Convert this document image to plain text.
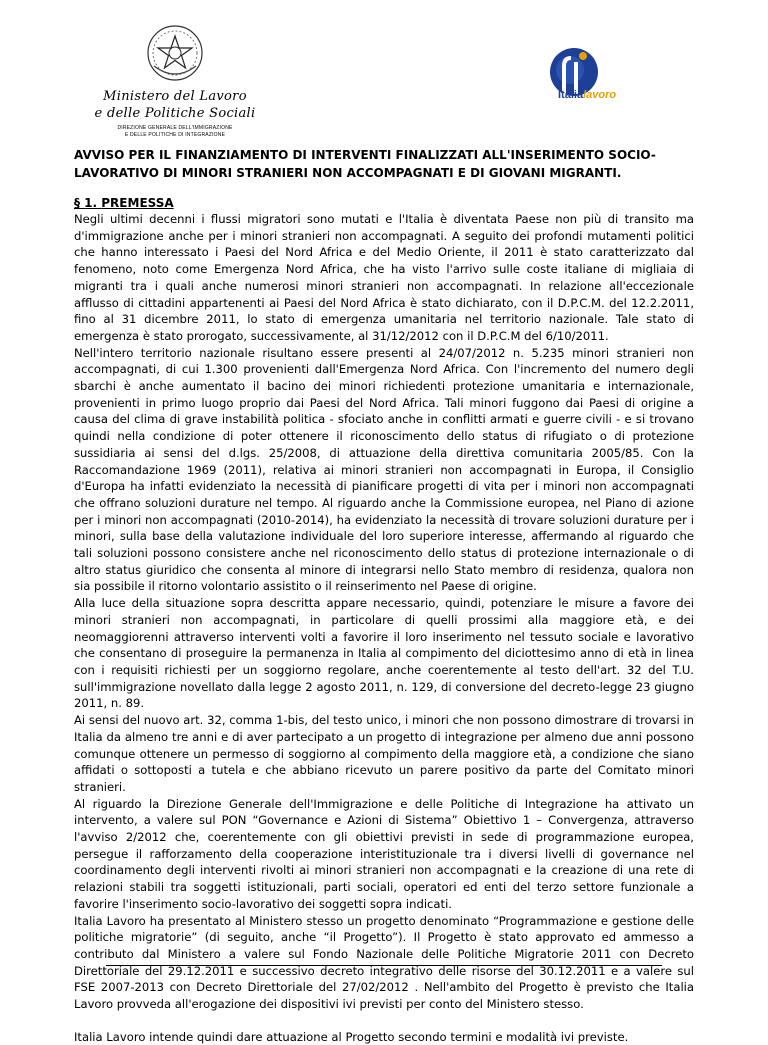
Ministero del Lavoro
e delle Politiche Sociali
DIREZIONE GENERALE DELL'IMMIGRAZIONE
E DELLE POLITICHE DI INTEGRAZIONE
Italialavoro
AVVISO PER IL FINANZIAMENTO DI INTERVENTI FINALIZZATI ALL'INSERIMENTO SOCIO-LAVORATIVO DI MINORI STRANIERI NON ACCOMPAGNATI E DI GIOVANI MIGRANTI.
§ 1. PREMESSA

Negli ultimi decenni i flussi migratori sono mutati e l'Italia è diventata Paese non più di transito ma d'immigrazione anche per i minori stranieri non accompagnati. A seguito dei profondi mutamenti politici che hanno interessato i Paesi del Nord Africa e del Medio Oriente, il 2011 è stato caratterizzato dal fenomeno, noto come Emergenza Nord Africa, che ha visto l'arrivo sulle coste italiane di migliaia di migranti tra i quali anche numerosi minori stranieri non accompagnati. In relazione all'eccezionale afflusso di cittadini appartenenti ai Paesi del Nord Africa è stato dichiarato, con il D.P.C.M. del 12.2.2011, fino al 31 dicembre 2011, lo stato di emergenza umanitaria nel territorio nazionale. Tale stato di emergenza è stato prorogato, successivamente, al 31/12/2012 con il D.P.C.M del 6/10/2011.

Nell'intero territorio nazionale risultano essere presenti al 24/07/2012 n. 5.235 minori stranieri non accompagnati, di cui 1.300 provenienti dall'Emergenza Nord Africa. Con l'incremento del numero degli sbarchi è anche aumentato il bacino dei minori richiedenti protezione umanitaria e internazionale, provenienti in primo luogo proprio dai Paesi del Nord Africa. Tali minori fuggono dai Paesi di origine a causa del clima di grave instabilità politica - sfociato anche in conflitti armati e guerre civili - e si trovano quindi nella condizione di poter ottenere il riconoscimento dello status di rifugiato o di protezione sussidiaria ai sensi del d.lgs. 25/2008, di attuazione della direttiva comunitaria 2005/85. Con la Raccomandazione 1969 (2011), relativa ai minori stranieri non accompagnati in Europa, il Consiglio d'Europa ha infatti evidenziato la necessità di pianificare progetti di vita per i minori non accompagnati che offrano soluzioni durature nel tempo. Al riguardo anche la Commissione europea, nel Piano di azione per i minori non accompagnati (2010-2014), ha evidenziato la necessità di trovare soluzioni durature per i minori, sulla base della valutazione individuale del loro superiore interesse, affermando al riguardo che tali soluzioni possono consistere anche nel riconoscimento dello status di protezione internazionale o di altro status giuridico che consenta al minore di integrarsi nello Stato membro di residenza, qualora non sia possibile il ritorno volontario assistito o il reinserimento nel Paese di origine.

Alla luce della situazione sopra descritta appare necessario, quindi, potenziare le misure a favore dei minori stranieri non accompagnati, in particolare di quelli prossimi alla maggiore età, e dei neomaggiorenni attraverso interventi volti a favorire il loro inserimento nel tessuto sociale e lavorativo che consentano di proseguire la permanenza in Italia al compimento del diciottesimo anno di età in linea con i requisiti richiesti per un soggiorno regolare, anche coerentemente al testo dell'art. 32 del T.U. sull'immigrazione novellato dalla legge 2 agosto 2011, n. 129, di conversione del decreto-legge 23 giugno 2011, n. 89.

Ai sensi del nuovo art. 32, comma 1-bis, del testo unico, i minori che non possono dimostrare di trovarsi in Italia da almeno tre anni e di aver partecipato a un progetto di integrazione per almeno due anni possono comunque ottenere un permesso di soggiorno al compimento della maggiore età, a condizione che siano affidati o sottoposti a tutela e che abbiano ricevuto un parere positivo da parte del Comitato minori stranieri.

Al riguardo la Direzione Generale dell'Immigrazione e delle Politiche di Integrazione ha attivato un intervento, a valere sul PON “Governance e Azioni di Sistema” Obiettivo 1 – Convergenza, attraverso l'avviso 2/2012 che, coerentemente con gli obiettivi previsti in sede di programmazione europea, persegue il rafforzamento della cooperazione interistituzionale tra i diversi livelli di governance nel coordinamento degli interventi rivolti ai minori stranieri non accompagnati e la creazione di una rete di relazioni stabili tra soggetti istituzionali, parti sociali, operatori ed enti del terzo settore funzionale a favorire l'inserimento socio-lavorativo dei soggetti sopra indicati.

Italia Lavoro ha presentato al Ministero stesso un progetto denominato “Programmazione e gestione delle politiche migratorie” (di seguito, anche “il Progetto”). Il Progetto è stato approvato ed ammesso a contributo dal Ministero a valere sul Fondo Nazionale delle Politiche Migratorie 2011 con Decreto Direttoriale del 29.12.2011 e successivo decreto integrativo delle risorse del 30.12.2011 e a valere sul FSE 2007-2013 con Decreto Direttoriale del 27/02/2012 . Nell'ambito del Progetto è previsto che Italia Lavoro provveda all'erogazione dei dispositivi ivi previsti per conto del Ministero stesso.

Italia Lavoro intende quindi dare attuazione al Progetto secondo termini e modalità ivi previste.
